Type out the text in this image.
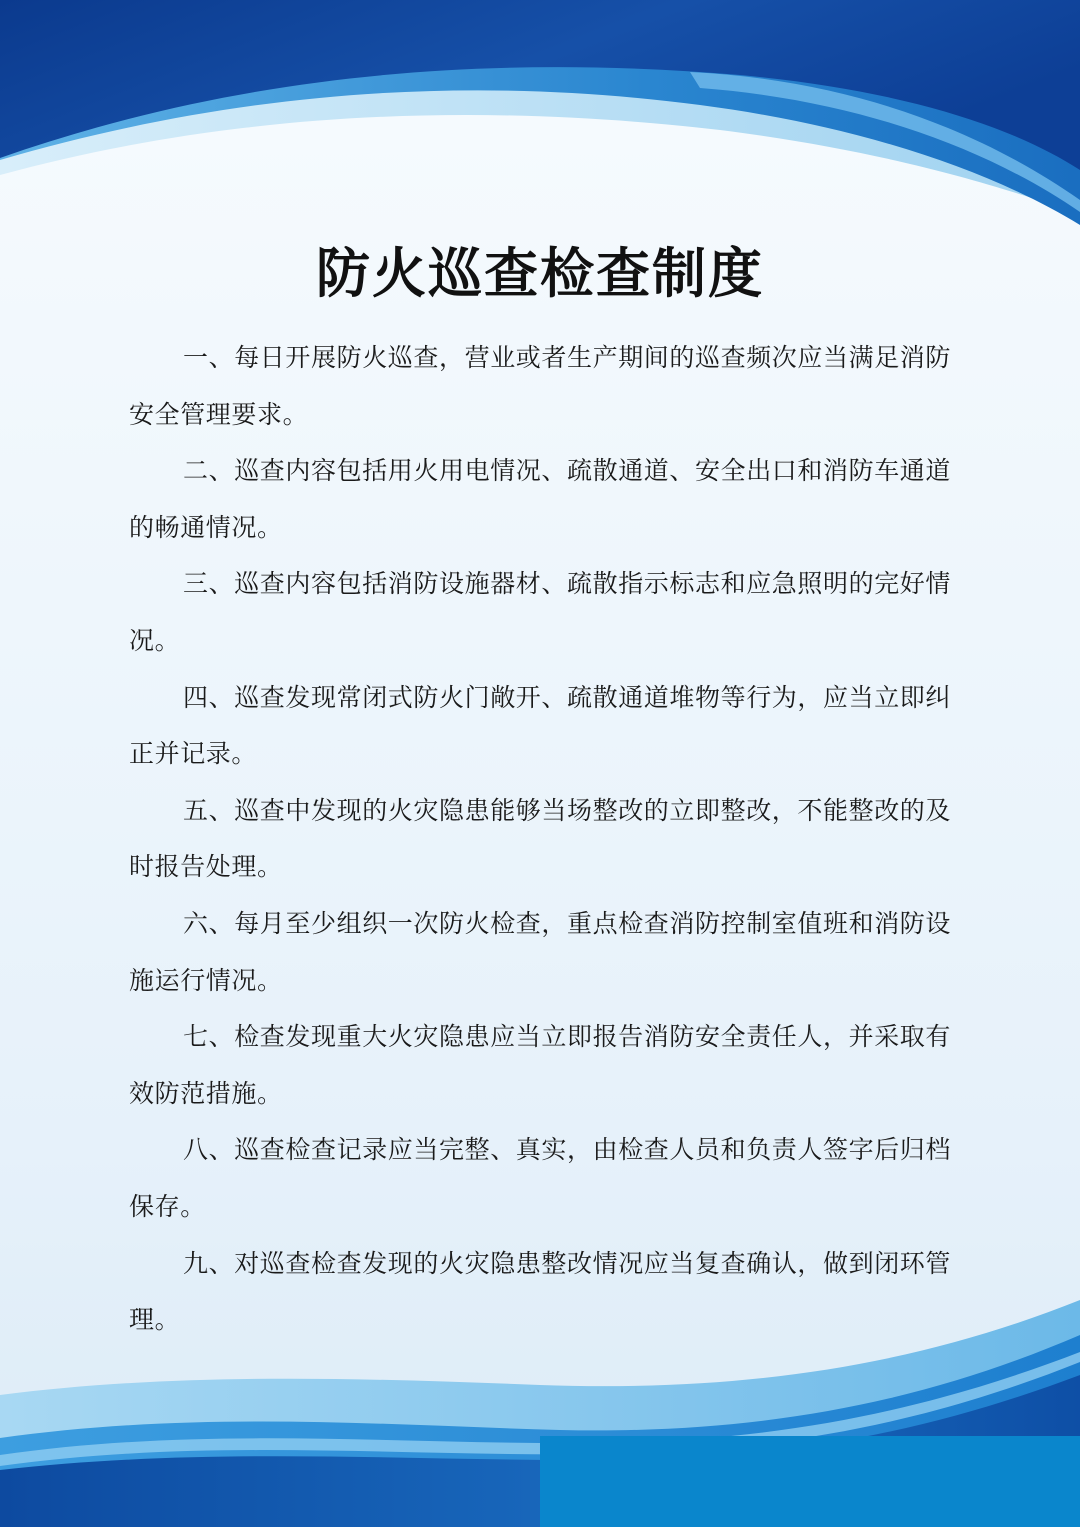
防火巡查检查制度

一、每日开展防火巡查，营业或者生产期间的巡查频次应当满足消防安全管理要求。

二、巡查内容包括用火用电情况、疏散通道、安全出口和消防车通道的畅通情况。

三、巡查内容包括消防设施器材、疏散指示标志和应急照明的完好情况。

四、巡查发现常闭式防火门敞开、疏散通道堆物等行为，应当立即纠正并记录。

五、巡查中发现的火灾隐患能够当场整改的立即整改，不能整改的及时报告处理。

六、每月至少组织一次防火检查，重点检查消防控制室值班和消防设施运行情况。

七、检查发现重大火灾隐患应当立即报告消防安全责任人，并采取有效防范措施。

八、巡查检查记录应当完整、真实，由检查人员和负责人签字后归档保存。

九、对巡查检查发现的火灾隐患整改情况应当复查确认，做到闭环管理。
